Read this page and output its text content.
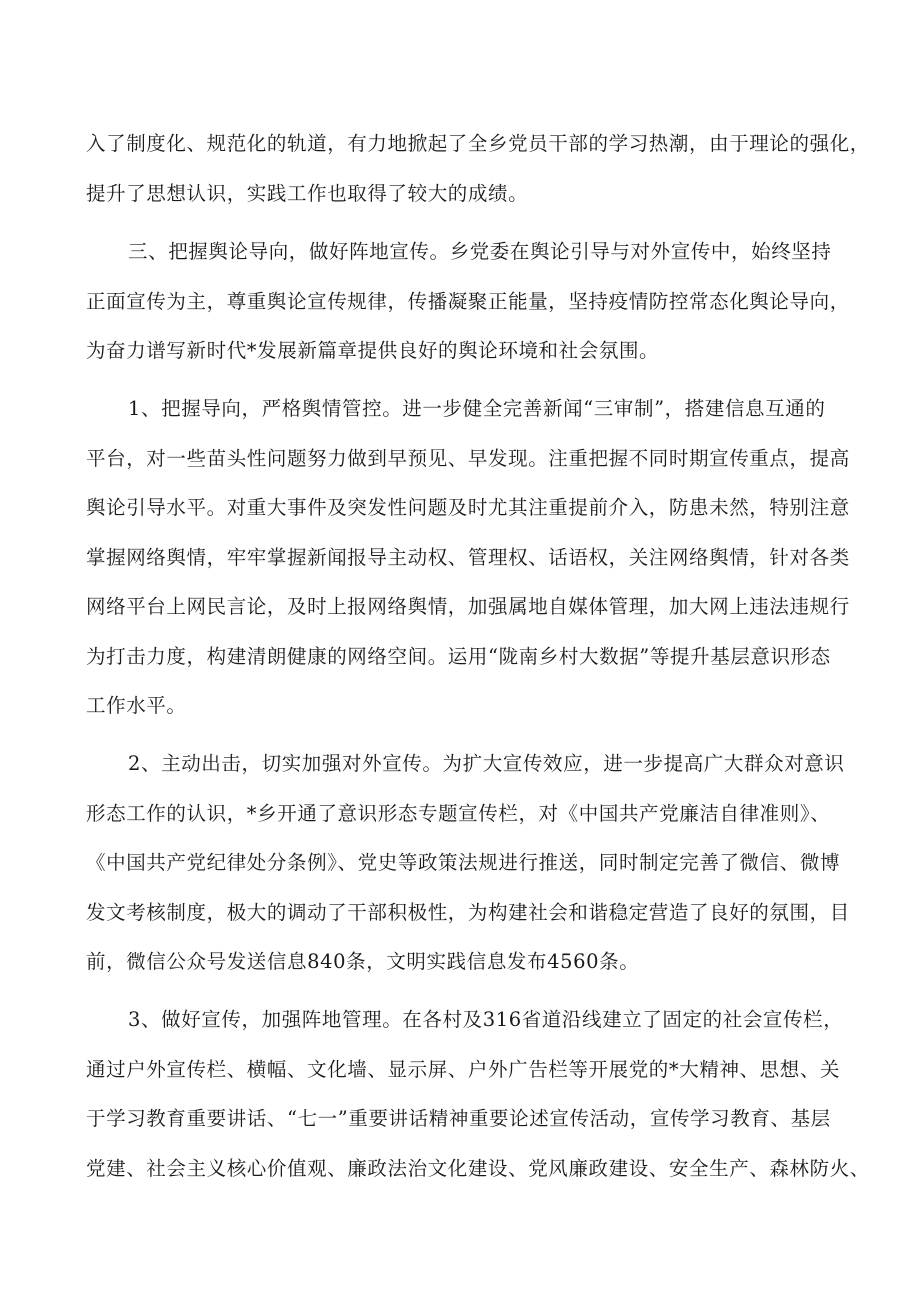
入了制度化、规范化的轨道，有力地掀起了全乡党员干部的学习热潮，由于理论的强化，
提升了思想认识，实践工作也取得了较大的成绩。
三、把握舆论导向，做好阵地宣传。乡党委在舆论引导与对外宣传中，始终坚持
正面宣传为主，尊重舆论宣传规律，传播凝聚正能量，坚持疫情防控常态化舆论导向，
为奋力谱写新时代*发展新篇章提供良好的舆论环境和社会氛围。
1、把握导向，严格舆情管控。进一步健全完善新闻“三审制”，搭建信息互通的
平台，对一些苗头性问题努力做到早预见、早发现。注重把握不同时期宣传重点，提高
舆论引导水平。对重大事件及突发性问题及时尤其注重提前介入，防患未然，特别注意
掌握网络舆情，牢牢掌握新闻报导主动权、管理权、话语权，关注网络舆情，针对各类
网络平台上网民言论，及时上报网络舆情，加强属地自媒体管理，加大网上违法违规行
为打击力度，构建清朗健康的网络空间。运用“陇南乡村大数据”等提升基层意识形态
工作水平。
2、主动出击，切实加强对外宣传。为扩大宣传效应，进一步提高广大群众对意识
形态工作的认识，*乡开通了意识形态专题宣传栏，对《中国共产党廉洁自律准则》、
《中国共产党纪律处分条例》、党史等政策法规进行推送，同时制定完善了微信、微博
发文考核制度，极大的调动了干部积极性，为构建社会和谐稳定营造了良好的氛围，目
前，微信公众号发送信息840条，文明实践信息发布4560条。
3、做好宣传，加强阵地管理。在各村及316省道沿线建立了固定的社会宣传栏，
通过户外宣传栏、横幅、文化墙、显示屏、户外广告栏等开展党的*大精神、思想、关
于学习教育重要讲话、“七一”重要讲话精神重要论述宣传活动，宣传学习教育、基层
党建、社会主义核心价值观、廉政法治文化建设、党风廉政建设、安全生产、森林防火、
